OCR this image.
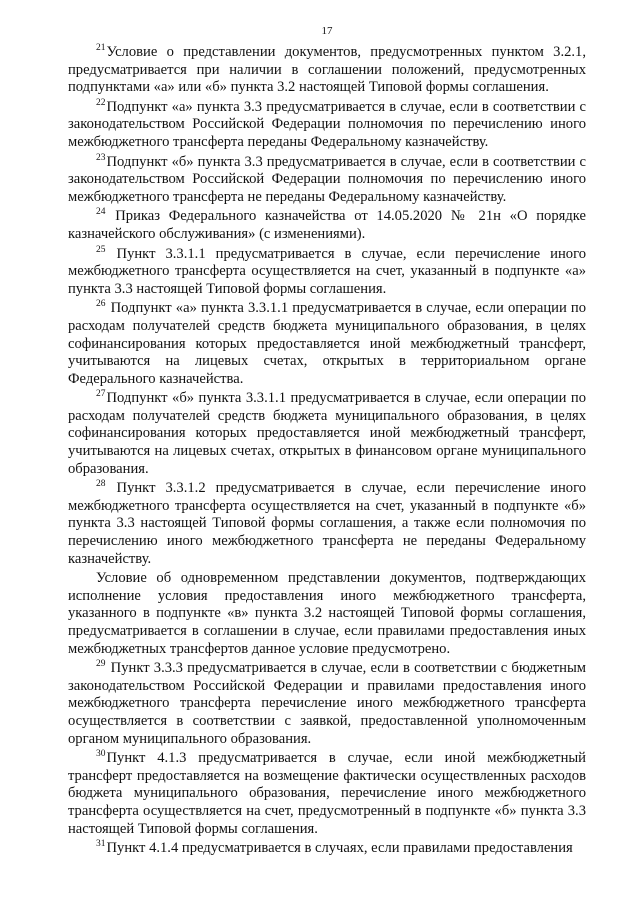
17

$^{21}$Условие о представлении документов, предусмотренных пунктом 3.2.1, предусматривается при наличии в соглашении положений, предусмотренных подпунктами «а» или «б» пункта 3.2 настоящей Типовой формы соглашения.

$^{22}$Подпункт «а» пункта 3.3 предусматривается в случае, если в соответствии с законодательством Российской Федерации полномочия по перечислению иного межбюджетного трансферта переданы Федеральному казначейству.

$^{23}$Подпункт «б» пункта 3.3 предусматривается в случае, если в соответствии с законодательством Российской Федерации полномочия по перечислению иного межбюджетного трансферта не переданы Федеральному казначейству.

$^{24}$ Приказ Федерального казначейства от 14.05.2020 № 21н «О порядке казначейского обслуживания» (с изменениями).

$^{25}$ Пункт 3.3.1.1 предусматривается в случае, если перечисление иного межбюджетного трансферта осуществляется на счет, указанный в подпункте «а» пункта 3.3 настоящей Типовой формы соглашения.

$^{26}$ Подпункт «а» пункта 3.3.1.1 предусматривается в случае, если операции по расходам получателей средств бюджета муниципального образования, в целях софинансирования которых предоставляется иной межбюджетный трансферт, учитываются на лицевых счетах, открытых в территориальном органе Федерального казначейства.

$^{27}$Подпункт «б» пункта 3.3.1.1 предусматривается в случае, если операции по расходам получателей средств бюджета муниципального образования, в целях софинансирования которых предоставляется иной межбюджетный трансферт, учитываются на лицевых счетах, открытых в финансовом органе муниципального образования.

$^{28}$ Пункт 3.3.1.2 предусматривается в случае, если перечисление иного межбюджетного трансферта осуществляется на счет, указанный в подпункте «б» пункта 3.3 настоящей Типовой формы соглашения, а также если полномочия по перечислению иного межбюджетного трансферта не переданы Федеральному казначейству.

Условие об одновременном представлении документов, подтверждающих исполнение условия предоставления иного межбюджетного трансферта, указанного в подпункте «в» пункта 3.2 настоящей Типовой формы соглашения, предусматривается в соглашении в случае, если правилами предоставления иных межбюджетных трансфертов данное условие предусмотрено.

$^{29}$ Пункт 3.3.3 предусматривается в случае, если в соответствии с бюджетным законодательством Российской Федерации и правилами предоставления иного межбюджетного трансферта перечисление иного межбюджетного трансферта осуществляется в соответствии с заявкой, предоставленной уполномоченным органом муниципального образования.

$^{30}$Пункт 4.1.3 предусматривается в случае, если иной межбюджетный трансферт предоставляется на возмещение фактически осуществленных расходов бюджета муниципального образования, перечисление иного межбюджетного трансферта осуществляется на счет, предусмотренный в подпункте «б» пункта 3.3 настоящей Типовой формы соглашения.

$^{31}$Пункт 4.1.4 предусматривается в случаях, если правилами предоставления
